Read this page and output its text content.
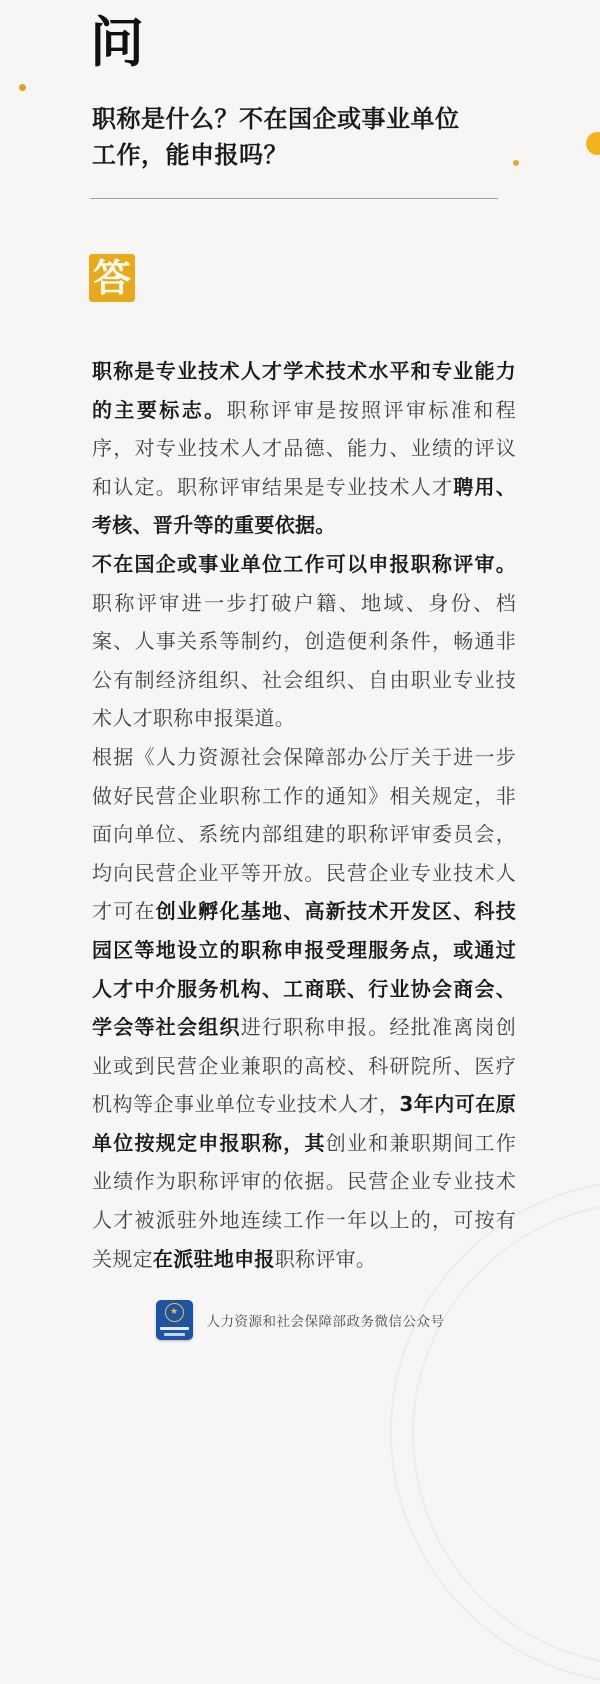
问
职称是什么？不在国企或事业单位工作，能申报吗？
答

职称是专业技术人才学术技术水平和专业能力的主要标志。职称评审是按照评审标准和程序，对专业技术人才品德、能力、业绩的评议和认定。职称评审结果是专业技术人才聘用、考核、晋升等的重要依据。

不在国企或事业单位工作可以申报职称评审。职称评审进一步打破户籍、地域、身份、档案、人事关系等制约，创造便利条件，畅通非公有制经济组织、社会组织、自由职业专业技术人才职称申报渠道。

根据《人力资源社会保障部办公厅关于进一步做好民营企业职称工作的通知》相关规定，非面向单位、系统内部组建的职称评审委员会，均向民营企业平等开放。民营企业专业技术人才可在创业孵化基地、高新技术开发区、科技园区等地设立的职称申报受理服务点，或通过人才中介服务机构、工商联、行业协会商会、学会等社会组织进行职称申报。经批准离岗创业或到民营企业兼职的高校、科研院所、医疗机构等企事业单位专业技术人才，3年内可在原单位按规定申报职称，其创业和兼职期间工作业绩作为职称评审的依据。民营企业专业技术人才被派驻外地连续工作一年以上的，可按有关规定在派驻地申报职称评审。

★
人力资源和社会保障部政务微信公众号
